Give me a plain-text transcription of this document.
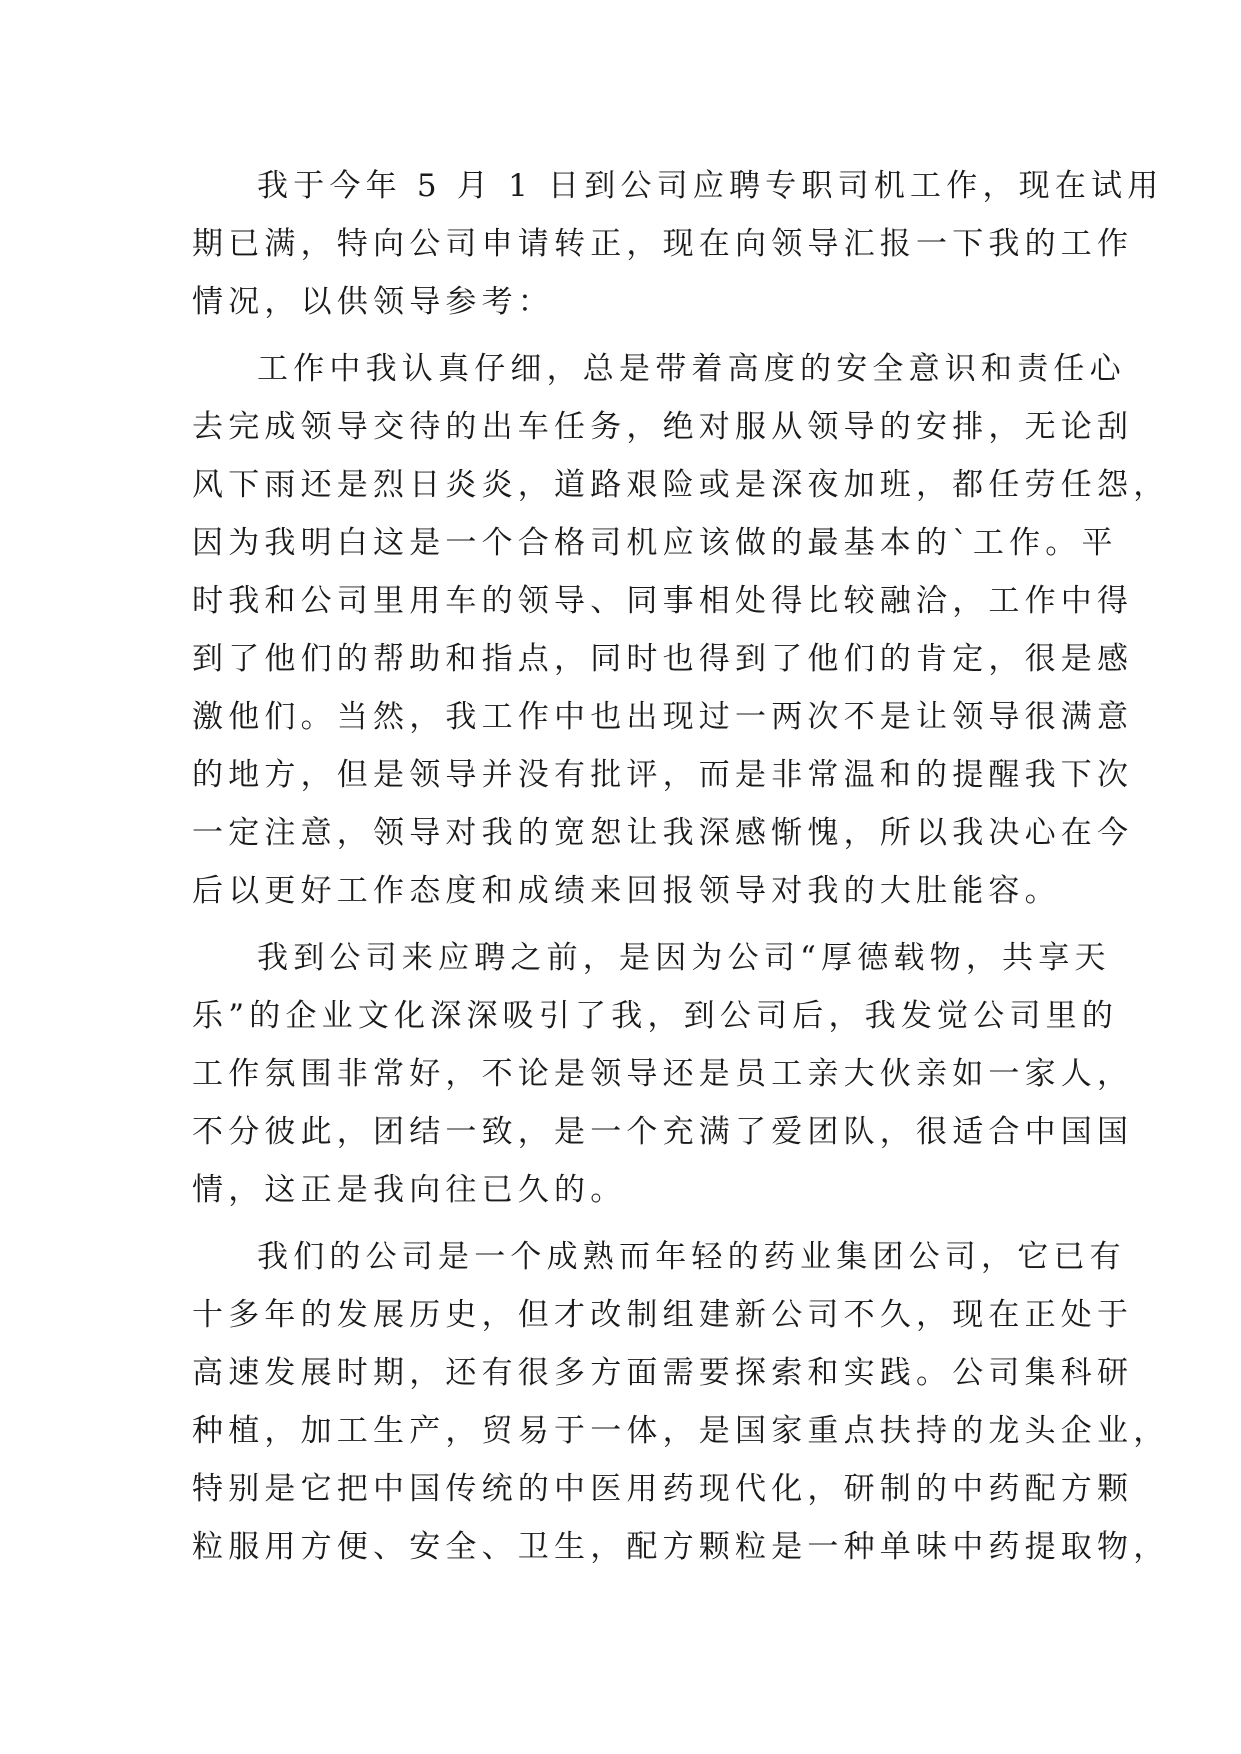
我于今年 5 月 1 日到公司应聘专职司机工作，现在试用
期已满，特向公司申请转正，现在向领导汇报一下我的工作
情况，以供领导参考：
工作中我认真仔细，总是带着高度的安全意识和责任心
去完成领导交待的出车任务，绝对服从领导的安排，无论刮
风下雨还是烈日炎炎，道路艰险或是深夜加班，都任劳任怨，
因为我明白这是一个合格司机应该做的最基本的`工作。平
时我和公司里用车的领导、同事相处得比较融洽，工作中得
到了他们的帮助和指点，同时也得到了他们的肯定，很是感
激他们。当然，我工作中也出现过一两次不是让领导很满意
的地方，但是领导并没有批评，而是非常温和的提醒我下次
一定注意，领导对我的宽恕让我深感惭愧，所以我决心在今
后以更好工作态度和成绩来回报领导对我的大肚能容。
我到公司来应聘之前，是因为公司“厚德载物，共享天
乐”的企业文化深深吸引了我，到公司后，我发觉公司里的
工作氛围非常好，不论是领导还是员工亲大伙亲如一家人，
不分彼此，团结一致，是一个充满了爱团队，很适合中国国
情，这正是我向往已久的。
我们的公司是一个成熟而年轻的药业集团公司，它已有
十多年的发展历史，但才改制组建新公司不久，现在正处于
高速发展时期，还有很多方面需要探索和实践。公司集科研
种植，加工生产，贸易于一体，是国家重点扶持的龙头企业，
特别是它把中国传统的中医用药现代化，研制的中药配方颗
粒服用方便、安全、卫生，配方颗粒是一种单味中药提取物，
